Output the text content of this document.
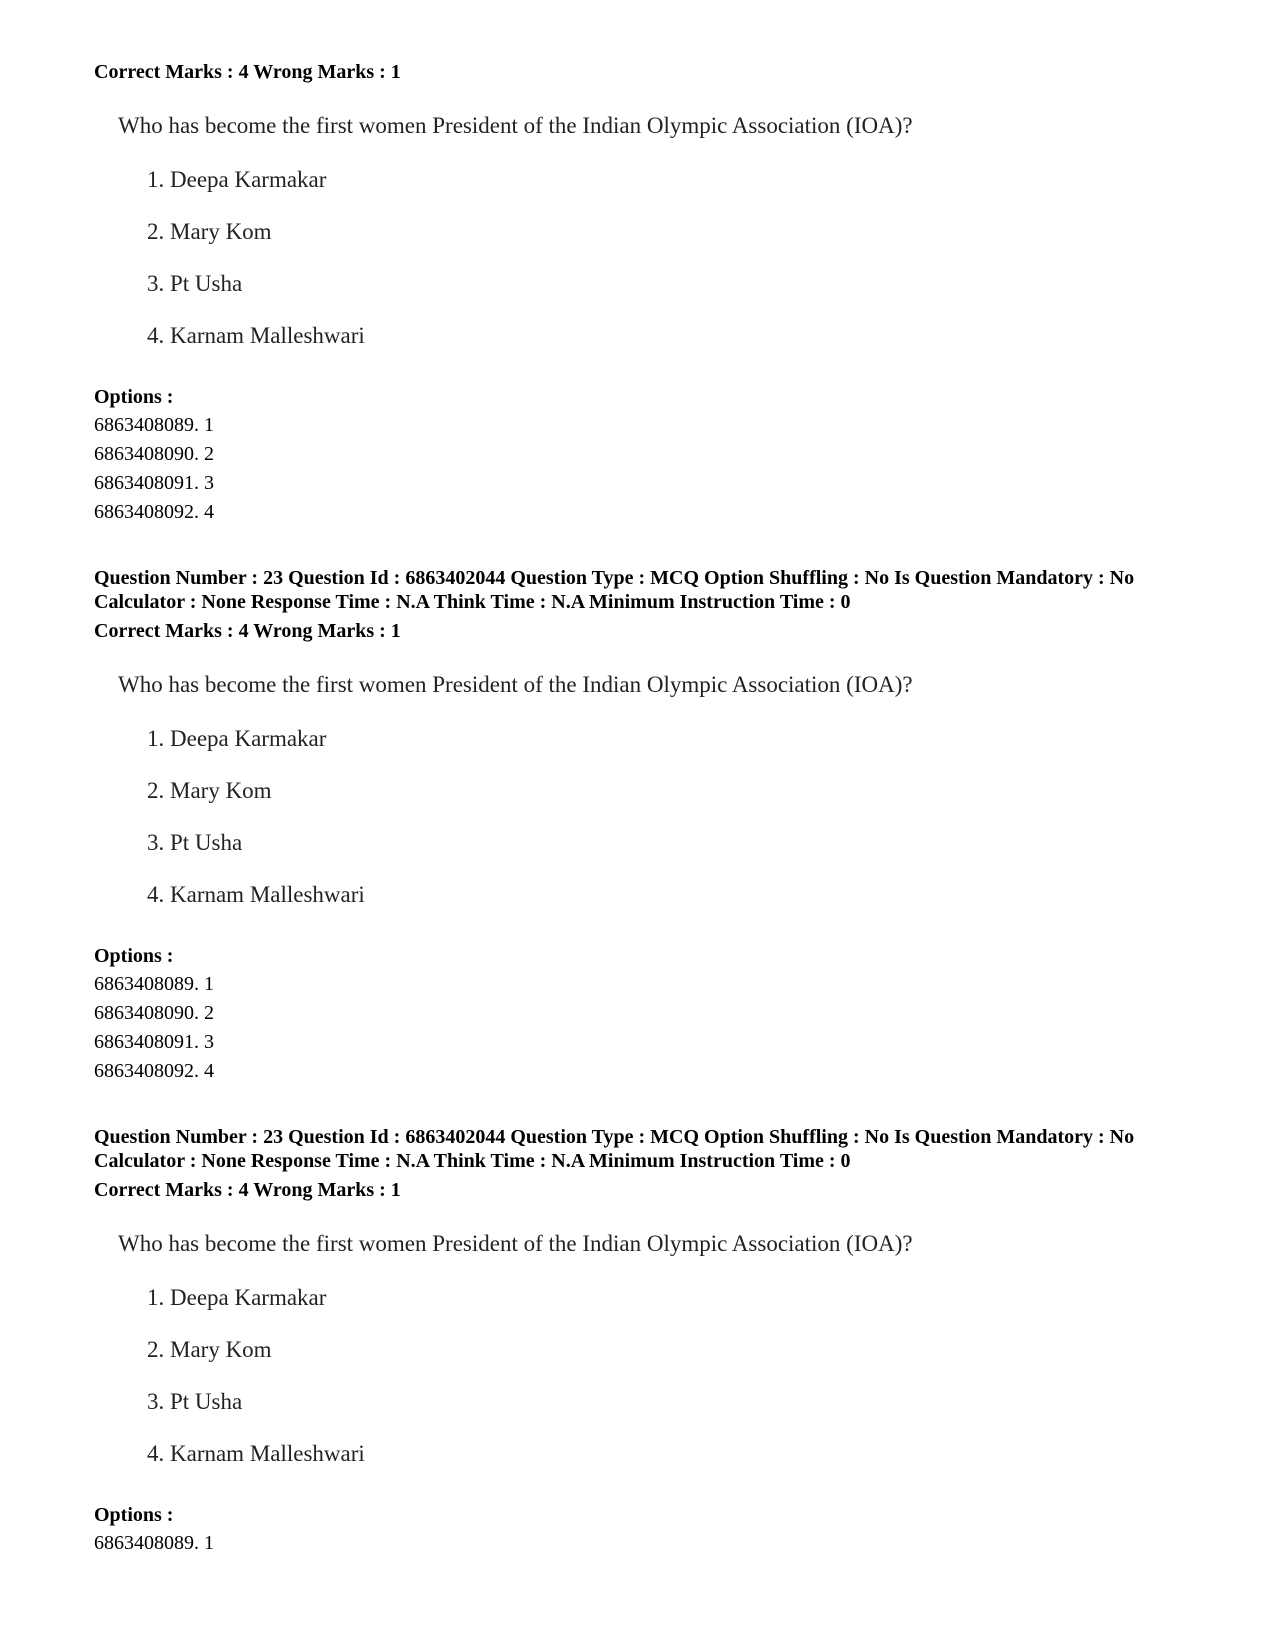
Correct Marks : 4 Wrong Marks : 1
Who has become the first women President of the Indian Olympic Association (IOA)?
1. Deepa Karmakar
2. Mary Kom
3. Pt Usha
4. Karnam Malleshwari
Options :
6863408089. 1
6863408090. 2
6863408091. 3
6863408092. 4
Question Number : 23 Question Id : 6863402044 Question Type : MCQ Option Shuffling : No Is Question Mandatory : No Calculator : None Response Time : N.A Think Time : N.A Minimum Instruction Time : 0
Correct Marks : 4 Wrong Marks : 1
Who has become the first women President of the Indian Olympic Association (IOA)?
1. Deepa Karmakar
2. Mary Kom
3. Pt Usha
4. Karnam Malleshwari
Options :
6863408089. 1
6863408090. 2
6863408091. 3
6863408092. 4
Question Number : 23 Question Id : 6863402044 Question Type : MCQ Option Shuffling : No Is Question Mandatory : No Calculator : None Response Time : N.A Think Time : N.A Minimum Instruction Time : 0
Correct Marks : 4 Wrong Marks : 1
Who has become the first women President of the Indian Olympic Association (IOA)?
1. Deepa Karmakar
2. Mary Kom
3. Pt Usha
4. Karnam Malleshwari
Options :
6863408089. 1
